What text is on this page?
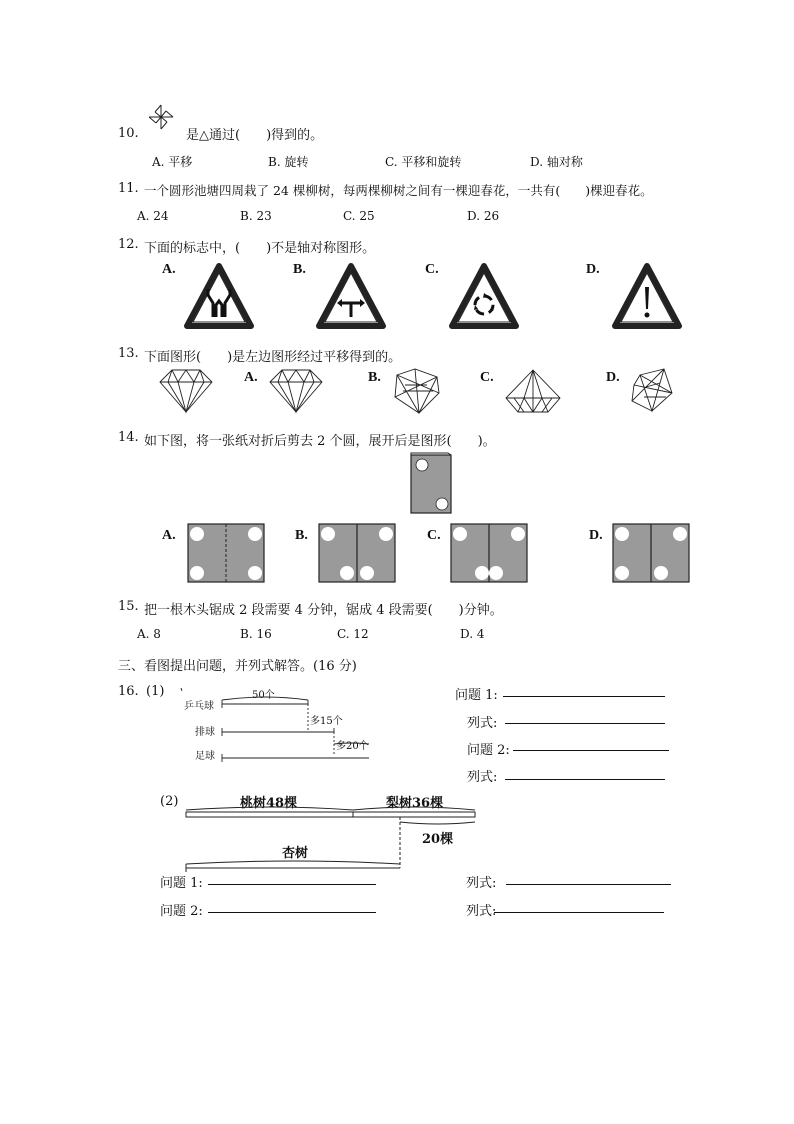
10.	是△通过(　　)得到的。
A. 平移	B. 旋转	C. 平移和旋转	D. 轴对称
11. 一个圆形池塘四周栽了 24 棵柳树，每两棵柳树之间有一棵迎春花，一共有(　　)棵迎春花。
A. 24	B. 23	C. 25	D. 26
12. 下面的标志中，(　　)不是轴对称图形。
A.	B.	C.	D.
13. 下面图形(　　)是左边图形经过平移得到的。
A.	B.	C.	D.
14. 如下图，将一张纸对折后剪去 2 个圆，展开后是图形(　　)。
A.	B.	C.	D.
15. 把一根木头锯成 2 段需要 4 分钟，锯成 4 段需要(　　)分钟。
A. 8	B. 16	C. 12	D. 4
三、看图提出问题，并列式解答。(16 分)
16. (1)
乒乓球
排球
足球
50个
多15个
多20个
问题 1:
列式:
问题 2:
列式:
(2)	桃树48棵	梨树36棵
20棵
杏树
问题 1:	列式:
问题 2:	列式:
